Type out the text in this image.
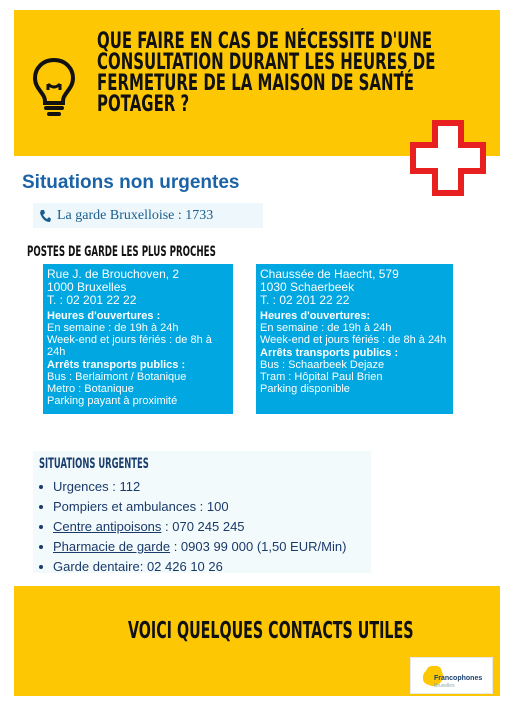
QUE FAIRE EN CAS DE NÉCESSITE D'UNE
CONSULTATION DURANT LES HEUREȘ DE
FERMETURE DE LA MAISON DE SANTÉ
POTAGER ?
Situations non urgentes
La garde Bruxelloise : 1733
POSTES DE GARDE LES PLUS PROCHES
Rue J. de Brouchoven, 2
1000 Bruxelles
T. : 02 201 22 22
Heures d'ouvertures :
En semaine : de 19h à 24h
Week-end et jours fériés : de 8h à 24h
Arrêts transports publics :
Bus : Berlaimont / Botanique
Metro : Botanique
Parking payant à proximité
Chaussée de Haecht, 579
1030 Schaerbeek
T. : 02 201 22 22
Heures d'ouvertures:
En semaine : de 19h à 24h
Week-end et jours fériés : de 8h à 24h
Arrêts transports publics :
Bus : Schaarbeek Dejaze
Tram : Hôpital Paul Brien
Parking disponible
SITUATIONS URGENTES
Urgences : 112
Pompiers et ambulances : 100
Centre antipoisons : 070 245 245
Pharmacie de garde : 0903 99 000 (1,50 EUR/Min)
Garde dentaire: 02 426 10 26
VOICI QUELQUES CONTACTS UTILES
Francophones
Bruxelles
